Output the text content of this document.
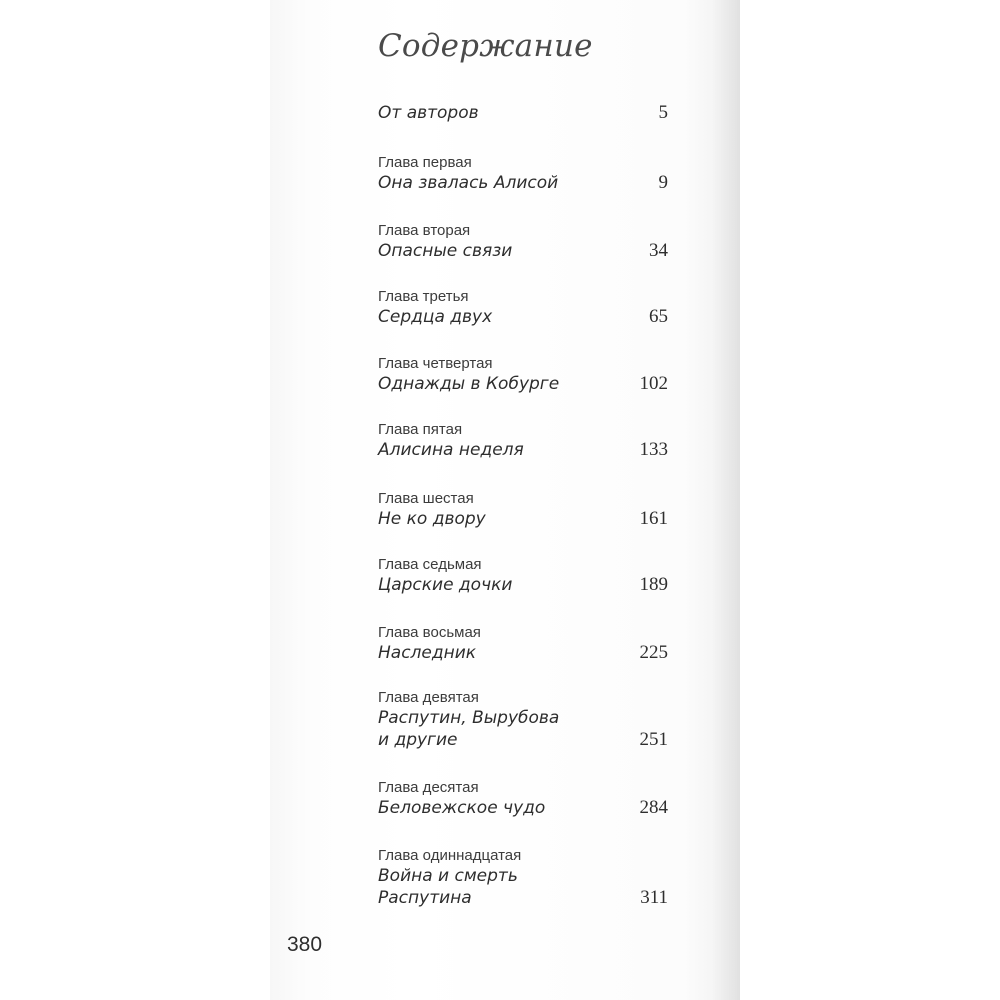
Содержание
От авторов	5
Глава первая
Она звалась Алисой	9
Глава вторая
Опасные связи	34
Глава третья
Сердца двух	65
Глава четвертая
Однажды в Кобурге	102
Глава пятая
Алисина неделя	133
Глава шестая
Не ко двору	161
Глава седьмая
Царские дочки	189
Глава восьмая
Наследник	225
Глава девятая
Распутин, Вырубова
и другие	251
Глава десятая
Беловежское чудо	284
Глава одиннадцатая
Война и смерть
Распутина	311
380
